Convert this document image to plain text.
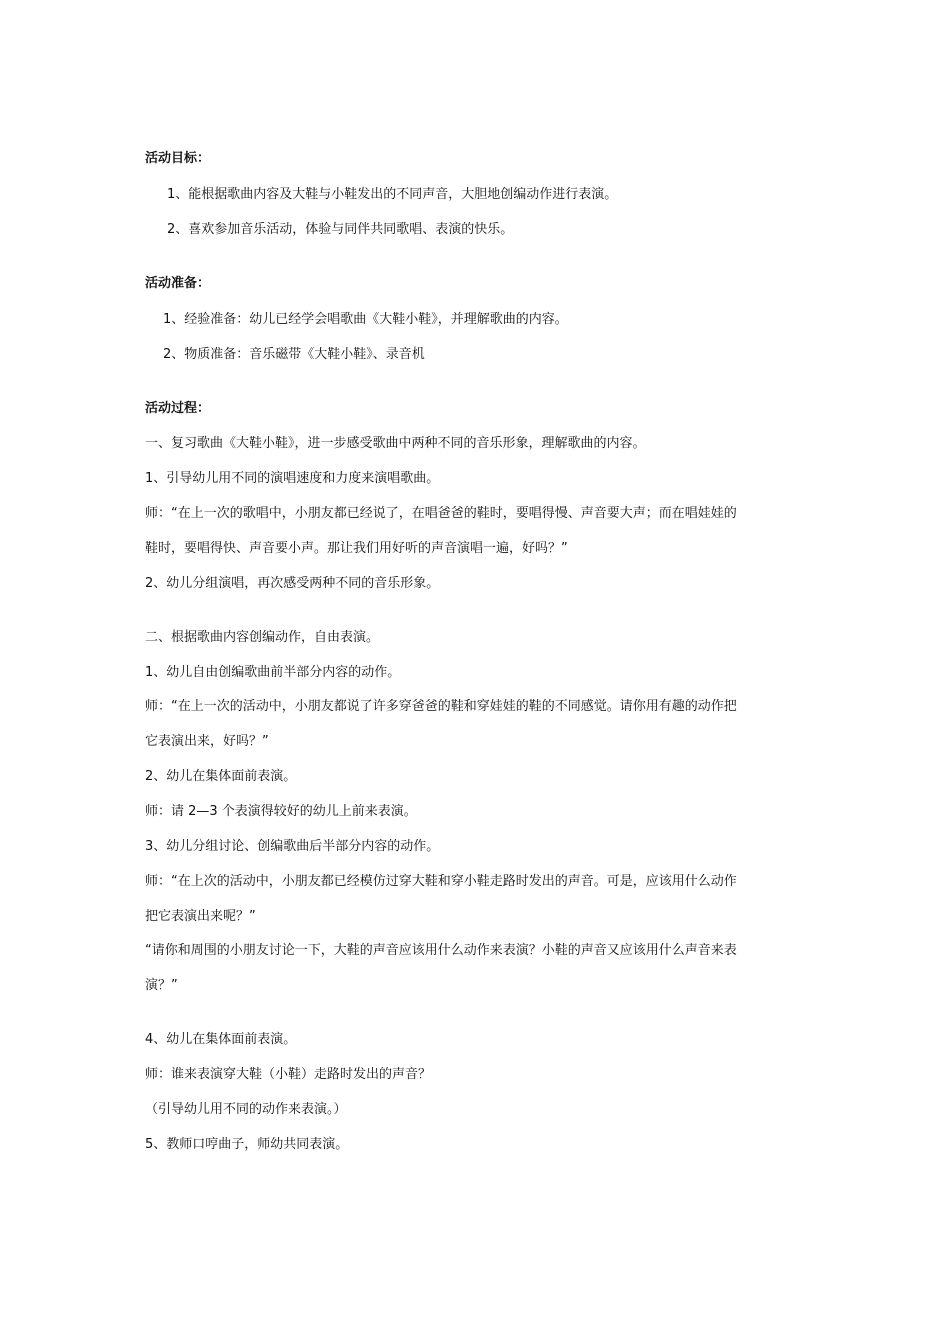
活动目标：
1、能根据歌曲内容及大鞋与小鞋发出的不同声音，大胆地创编动作进行表演。
2、喜欢参加音乐活动，体验与同伴共同歌唱、表演的快乐。
活动准备：
1、经验准备：幼儿已经学会唱歌曲《大鞋小鞋》，并理解歌曲的内容。
2、物质准备：音乐磁带《大鞋小鞋》、录音机
活动过程：
一、复习歌曲《大鞋小鞋》，进一步感受歌曲中两种不同的音乐形象，理解歌曲的内容。
1、引导幼儿用不同的演唱速度和力度来演唱歌曲。
师：“在上一次的歌唱中，小朋友都已经说了，在唱爸爸的鞋时，要唱得慢、声音要大声；而在唱娃娃的
鞋时，要唱得快、声音要小声。那让我们用好听的声音演唱一遍，好吗？”
2、幼儿分组演唱，再次感受两种不同的音乐形象。
二、根据歌曲内容创编动作，自由表演。
1、幼儿自由创编歌曲前半部分内容的动作。
师：“在上一次的活动中，小朋友都说了许多穿爸爸的鞋和穿娃娃的鞋的不同感觉。请你用有趣的动作把
它表演出来，好吗？”
2、幼儿在集体面前表演。
师：请 2—3 个表演得较好的幼儿上前来表演。
3、幼儿分组讨论、创编歌曲后半部分内容的动作。
师：“在上次的活动中，小朋友都已经模仿过穿大鞋和穿小鞋走路时发出的声音。可是，应该用什么动作
把它表演出来呢？”
“请你和周围的小朋友讨论一下，大鞋的声音应该用什么动作来表演？小鞋的声音又应该用什么声音来表
演？”
4、幼儿在集体面前表演。
师：谁来表演穿大鞋（小鞋）走路时发出的声音？
（引导幼儿用不同的动作来表演。）
5、教师口哼曲子，师幼共同表演。
